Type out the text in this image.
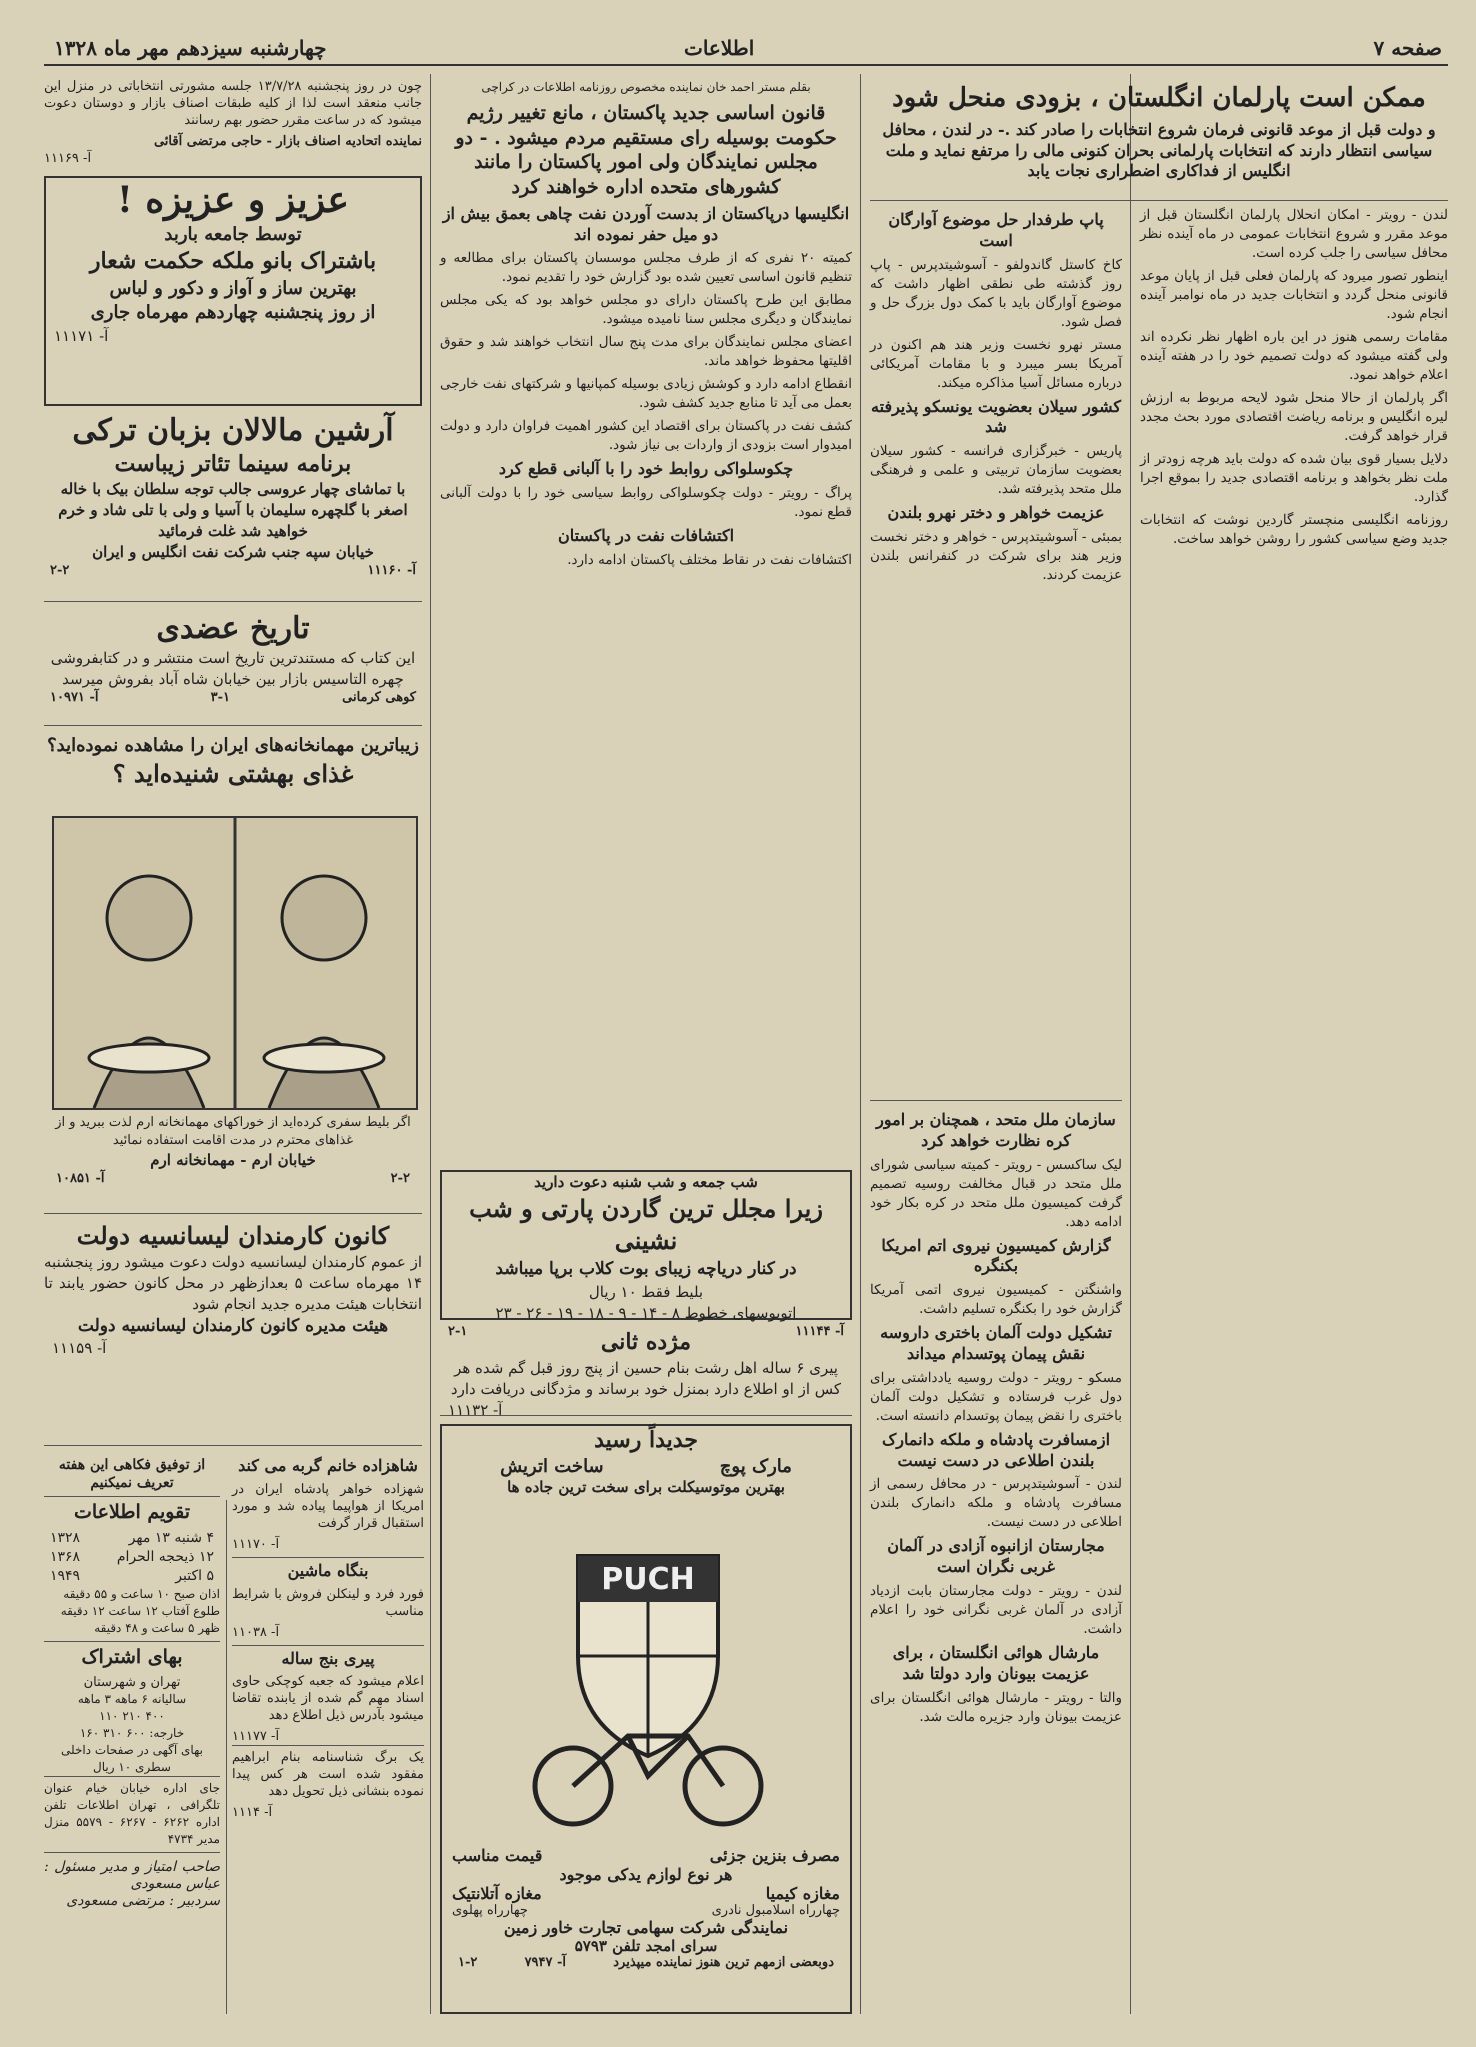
صفحه ۷
اطلاعات
چهارشنبه سیزدهم مهر ماه ۱۳۲۸
ممکن است پارلمان انگلستان ، بزودی منحل شود
و دولت قبل از موعد قانونی فرمان شروع انتخابات را صادر کند .- در لندن ، محافل سیاسی انتظار دارند که انتخابات پارلمانی بحران کنونی مالی را مرتفع نماید و ملت انگلیس از فداکاری اضطراری نجات یابد

لندن - رویتر - امکان انحلال پارلمان انگلستان قبل از موعد مقرر و شروع انتخابات عمومی در ماه آینده نظر محافل سیاسی را جلب کرده است.

اینطور تصور میرود که پارلمان فعلی قبل از پایان موعد قانونی منحل گردد و انتخابات جدید در ماه نوامبر آینده انجام شود.

مقامات رسمی هنوز در این باره اظهار نظر نکرده اند ولی گفته میشود که دولت تصمیم خود را در هفته آینده اعلام خواهد نمود.

اگر پارلمان از حالا منحل شود لایحه مربوط به ارزش لیره انگلیس و برنامه ریاضت اقتصادی مورد بحث مجدد قرار خواهد گرفت.

دلایل بسیار قوی بیان شده که دولت باید هرچه زودتر از ملت نظر بخواهد و برنامه اقتصادی جدید را بموقع اجرا گذارد.

روزنامه انگلیسی منچستر گاردین نوشت که انتخابات جدید وضع سیاسی کشور را روشن خواهد ساخت.

پاپ طرفدار حل موضوع آوارگان است

کاخ کاستل گاندولفو - آسوشیتدپرس - پاپ روز گذشته طی نطقی اظهار داشت که موضوع آوارگان باید با کمک دول بزرگ حل و فصل شود.

مستر نهرو نخست وزیر هند هم اکنون در آمریکا بسر میبرد و با مقامات آمریکائی درباره مسائل آسیا مذاکره میکند.

کشور سیلان بعضویت یونسکو پذیرفته شد

پاریس - خبرگزاری فرانسه - کشور سیلان بعضویت سازمان تربیتی و علمی و فرهنگی ملل متحد پذیرفته شد.

عزیمت خواهر و دختر نهرو بلندن

بمبئی - آسوشیتدپرس - خواهر و دختر نخست وزیر هند برای شرکت در کنفرانس بلندن عزیمت کردند.

سازمان ملل متحد ، همچنان بر امور کره نظارت خواهد کرد

لیک ساکسس - رویتر - کمیته سیاسی شورای ملل متحد در قبال مخالفت روسیه تصمیم گرفت کمیسیون ملل متحد در کره بکار خود ادامه دهد.

گزارش کمیسیون نیروی اتم امریکا بکنگره

واشنگتن - کمیسیون نیروی اتمی آمریکا گزارش خود را بکنگره تسلیم داشت.

تشکیل دولت آلمان باختری داروسه نقش پیمان پوتسدام میداند

مسکو - رویتر - دولت روسیه یادداشتی برای دول غرب فرستاده و تشکیل دولت آلمان باختری را نقض پیمان پوتسدام دانسته است.

ازمسافرت پادشاه و ملکه دانمارک بلندن اطلاعی در دست نیست

لندن - آسوشیتدپرس - در محافل رسمی از مسافرت پادشاه و ملکه دانمارک بلندن اطلاعی در دست نیست.

مجارستان ازانبوه آزادی در آلمان غربی نگران است

لندن - رویتر - دولت مجارستان بابت ازدیاد آزادی در آلمان غربی نگرانی خود را اعلام داشت.

مارشال هوائی انگلستان ، برای عزیمت بیونان وارد دولتا شد

والتا - رویتر - مارشال هوائی انگلستان برای عزیمت بیونان وارد جزیره مالت شد.

بقلم مستر احمد خان نماینده مخصوص روزنامه اطلاعات در کراچی
قانون اساسی جدید پاکستان ، مانع تغییر رژیم حکومت بوسیله رای مستقیم مردم میشود . - دو مجلس نمایندگان ولی امور پاکستان را مانند کشورهای متحده اداره خواهند کرد
انگلیسها درپاکستان از بدست آوردن نفت چاهی بعمق بیش از دو میل حفر نموده اند

کمیته ۲۰ نفری که از طرف مجلس موسسان پاکستان برای مطالعه و تنظیم قانون اساسی تعیین شده بود گزارش خود را تقدیم نمود.

مطابق این طرح پاکستان دارای دو مجلس خواهد بود که یکی مجلس نمایندگان و دیگری مجلس سنا نامیده میشود.

اعضای مجلس نمایندگان برای مدت پنج سال انتخاب خواهند شد و حقوق اقلیتها محفوظ خواهد ماند.

انقطاع ادامه دارد و کوشش زیادی بوسیله کمپانیها و شرکتهای نفت خارجی بعمل می آید تا منابع جدید کشف شود.

کشف نفت در پاکستان برای اقتصاد این کشور اهمیت فراوان دارد و دولت امیدوار است بزودی از واردات بی نیاز شود.

چکوسلواکی روابط خود را با آلبانی قطع کرد

پراگ - رویتر - دولت چکوسلواکی روابط سیاسی خود را با دولت آلبانی قطع نمود.

اکتشافات نفت در پاکستان

اکتشافات نفت در نقاط مختلف پاکستان ادامه دارد.

شب جمعه و شب شنبه دعوت دارید
زیرا مجلل ترین گاردن پارتی و شب نشینی
در کنار دریاچه زیبای بوت کلاب برپا میباشد
بلیط فقط ۱۰ ریال
اتوبوسهای خطوط ۸ - ۱۴ - ۹ - ۱۸ - ۱۹ - ۲۶ - ۲۳
آ- ۱۱۱۴۴
۲-۱	مژده ثانی
پیری ۶ ساله اهل رشت بنام حسین از پنج روز قبل گم شده هر کس از او اطلاع دارد بمنزل خود برساند و مژدگانی دریافت دارد
آ- ۱۱۱۳۲
جدیداً رسید
مارک پوچ
ساخت اتریش
بهترین موتوسیکلت برای سخت ترین جاده ها
PUCH
مصرف بنزین جزئی
قیمت مناسب
هر نوع لوازم یدکی موجود
مغازه کیمیا
مغازه آتلانتیک
چهارراه اسلامبول نادری
چهارراه پهلوی
نمایندگی شرکت سهامی تجارت خاور زمین
سرای امجد تلفن ۵۷۹۳
دوبعضی ازمهم ترین هنوز نماینده میپذیرد
آ- ۷۹۴۷
۱-۲

چون در روز پنجشنبه ۱۳/۷/۲۸ جلسه مشورتی انتخاباتی در منزل این جانب منعقد است لذا از کلیه طبقات اصناف بازار و دوستان دعوت میشود که در ساعت مقرر حضور بهم رسانند

نماینده اتحادیه اصناف بازار - حاجی مرتضی آقائی
آ- ۱۱۱۶۹
عزیز و عزیزه !
توسط جامعه باربد
باشتراک بانو ملکه حکمت شعار
بهترین ساز و آواز و دکور و لباس
از روز پنجشنبه چهاردهم مهرماه جاری
آ- ۱۱۱۷۱
آرشین مالالان بزبان ترکی
برنامه سینما تئاتر زیباست
با تماشای چهار عروسی جالب توجه سلطان بیک با خاله اصغر با گلچهره سلیمان با آسیا و ولی با تلی شاد و خرم خواهید شد غلت فرمائید
خیابان سپه جنب شرکت نفت انگلیس و ایران
آ- ۱۱۱۶۰
۲-۲
تاریخ عضدی
این کتاب که مستندترین تاریخ است منتشر و در کتابفروشی چهره التاسیس بازار بین خیابان شاه آباد بفروش میرسد
کوهی کرمانی
۳-۱
آ- ۱۰۹۷۱
زیباترین مهمانخانه‌های ایران را مشاهده نموده‌اید؟
غذای بهشتی شنیده‌اید ؟
اگر بلیط سفری کرده‌اید از خوراکهای مهمانخانه ارم لذت ببرید و از غذاهای محترم در مدت اقامت استفاده نمائید
خیابان ارم - مهمانخانه ارم
۲-۲
آ- ۱۰۸۵۱
کانون کارمندان لیسانسیه دولت
از عموم کارمندان لیسانسیه دولت دعوت میشود روز پنجشنبه ۱۴ مهرماه ساعت ۵ بعدازظهر در محل کانون حضور یابند تا انتخابات هیئت مدیره جدید انجام شود
هیئت مدیره کانون کارمندان لیسانسیه دولت
آ- ۱۱۱۵۹
شاهزاده خانم گربه می کند

شهزاده خواهر پادشاه ایران در امریکا از هواپیما پیاده شد و مورد استقبال قرار گرفت

آ- ۱۱۱۷۰
بنگاه ماشین

فورد فرد و لینکلن فروش با شرایط مناسب

آ- ۱۱۰۳۸
پیری بنج ساله

اعلام میشود که جعبه کوچکی حاوی اسناد مهم گم شده از یابنده تقاضا میشود بآدرس ذیل اطلاع دهد

آ- ۱۱۱۷۷

یک برگ شناسنامه بنام ابراهیم مفقود شده است هر کس پیدا نموده بنشانی ذیل تحویل دهد

آ- ۱۱۱۴
از توفیق فکاهی این هفته تعریف نمیکنیم
تقویم اطلاعات
۴ شنبه ۱۳ مهر
۱۳۲۸
۱۲ ذیحجه الحرام
۱۳۶۸
۵ اکتبر
۱۹۴۹
اذان صبح ۱۰ ساعت و ۵۵ دقیقه
طلوع آفتاب ۱۲ ساعت ۱۲ دقیقه
ظهر ۵ ساعت و ۴۸ دقیقه
بهای اشتراک
تهران و شهرستان
سالیانه ۶ ماهه ۳ ماهه
۴۰۰ ۲۱۰ ۱۱۰
خارجه: ۶۰۰ ۳۱۰ ۱۶۰
بهای آگهی در صفحات داخلی سطری ۱۰ ریال

جای اداره خیابان خیام عنوان تلگرافی ، تهران اطلاعات تلفن اداره ۶۲۶۲ - ۶۲۶۷ - ۵۵۷۹ منزل مدیر ۴۷۳۴

صاحب امتیاز و مدیر مسئول : عباس مسعودی
سردبیر : مرتضی مسعودی
